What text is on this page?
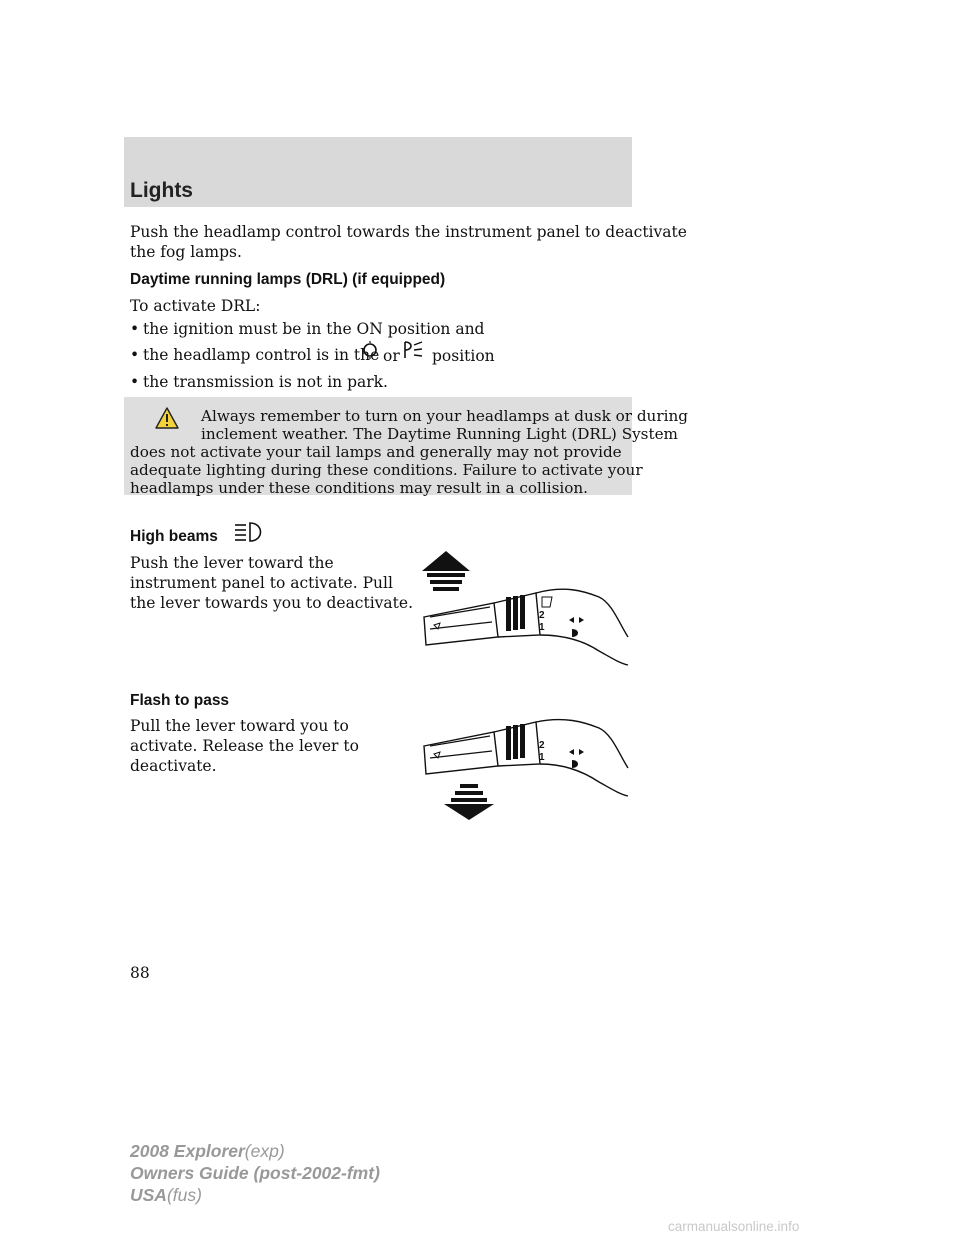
Lights
Push the headlamp control towards the instrument panel to deactivate
the fog lamps.
Daytime running lamps (DRL) (if equipped)
To activate DRL:
• the ignition must be in the ON position and
• the headlamp control is in the or position
• the transmission is not in park.
Always remember to turn on your headlamps at dusk or during
inclement weather. The Daytime Running Light (DRL) System
does not activate your tail lamps and generally may not provide
adequate lighting during these conditions. Failure to activate your
headlamps under these conditions may result in a collision.
High beams
Push the lever toward the
instrument panel to activate. Pull
the lever towards you to deactivate.
2
1
Flash to pass
Pull the lever toward you to
activate. Release the lever to
deactivate.
2
1
88
2008 Explorer(exp)
Owners Guide (post-2002-fmt)
USA(fus)
carmanualsonline.info
